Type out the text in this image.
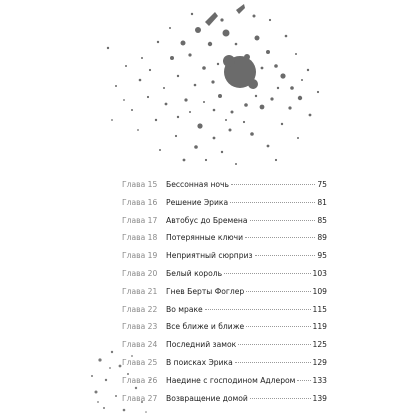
Глава 15	Бессонная ночь	75
Глава 16	Решение Эрика	81
Глава 17	Автобус до Бремена	85
Глава 18	Потерянные ключи	89
Глава 19	Неприятный сюрприз	95
Глава 20	Белый король	103
Глава 21	Гнев Берты Фоглер	109
Глава 22	Во мраке	115
Глава 23	Все ближе и ближе	119
Глава 24	Последний замок	125
Глава 25	В поисках Эрика	129
Глава 26	Наедине с господином Адлером 133
Глава 27	Возвращение домой	139
